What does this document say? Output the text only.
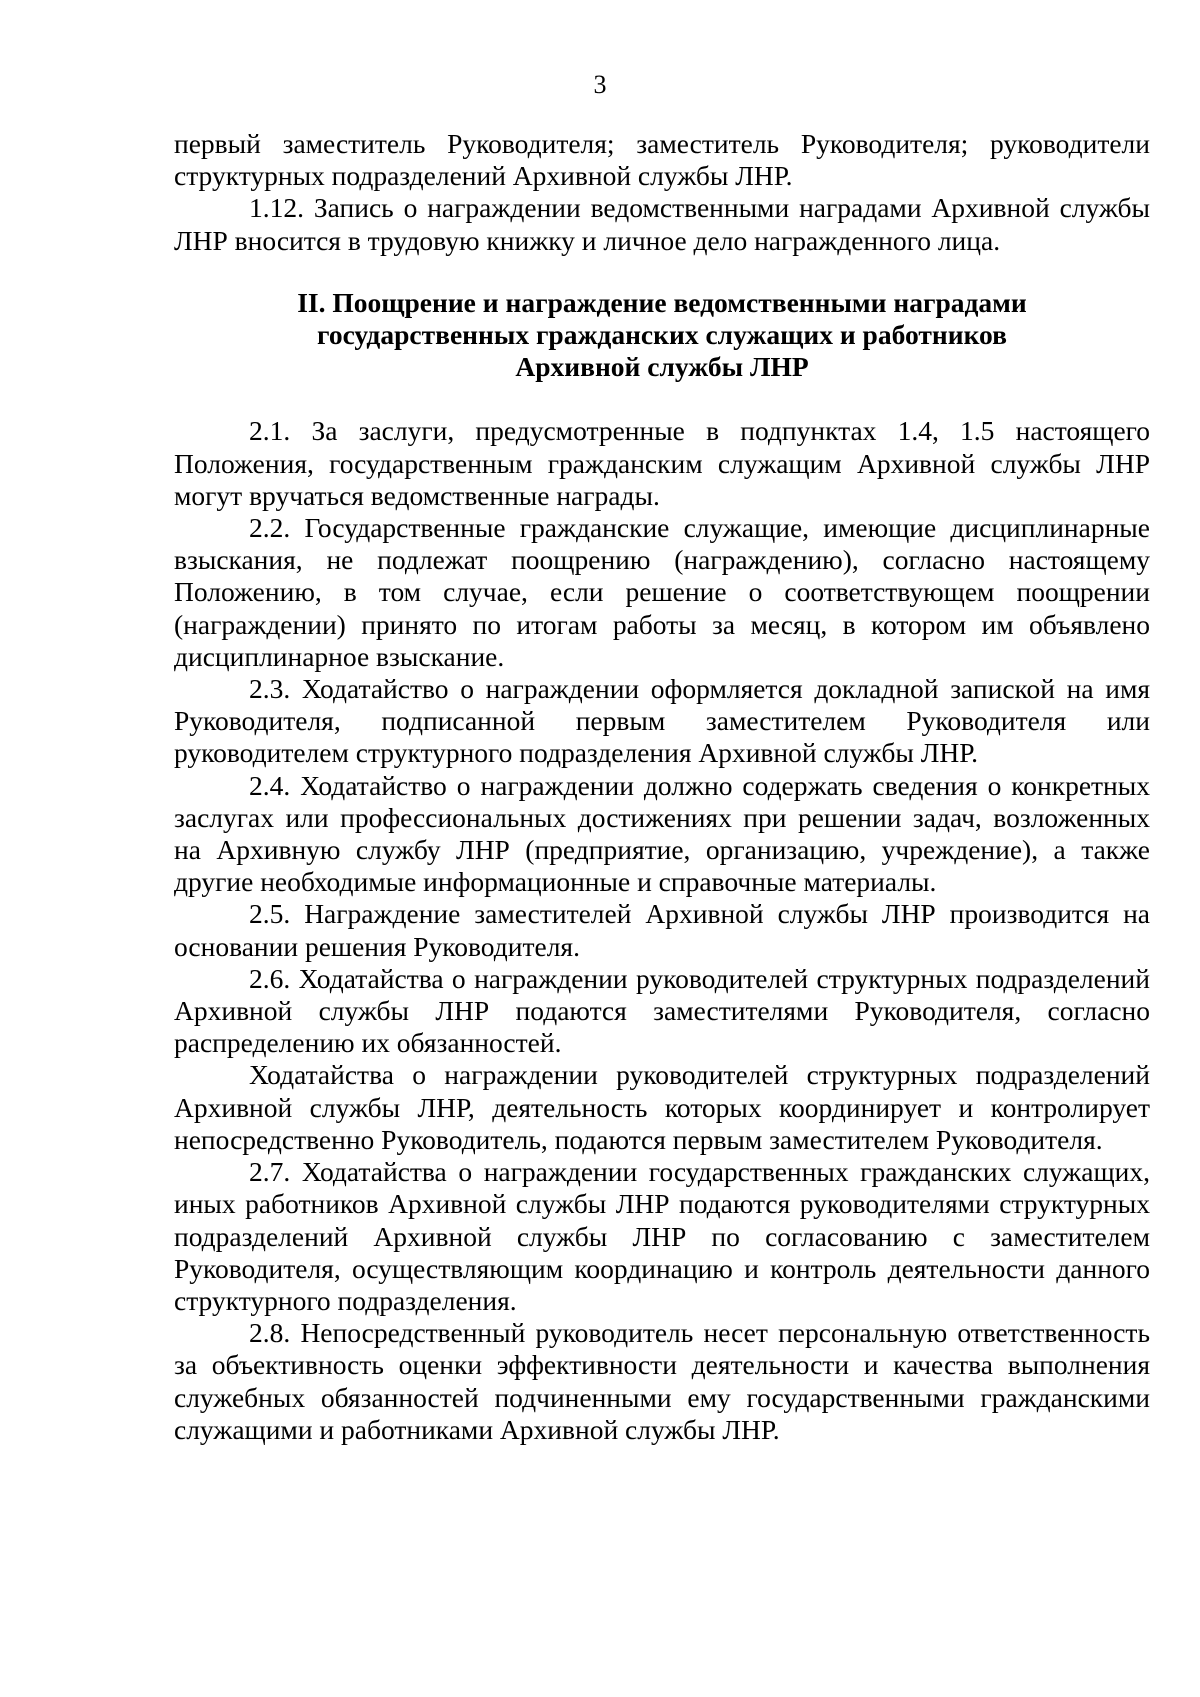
3

первый заместитель Руководителя; заместитель Руководителя; руководители структурных подразделений Архивной службы ЛНР.

1.12. Запись о награждении ведомственными наградами Архивной службы ЛНР вносится в трудовую книжку и личное дело награжденного лица.

II. Поощрение и награждение ведомственными наградами
государственных гражданских служащих и работников
Архивной службы ЛНР

2.1. За заслуги, предусмотренные в подпунктах 1.4, 1.5 настоящего Положения, государственным гражданским служащим Архивной службы ЛНР могут вручаться ведомственные награды.

2.2. Государственные гражданские служащие, имеющие дисциплинарные взыскания, не подлежат поощрению (награждению), согласно настоящему Положению, в том случае, если решение о соответствующем поощрении (награждении) принято по итогам работы за месяц, в котором им объявлено дисциплинарное взыскание.

2.3. Ходатайство о награждении оформляется докладной запиской на имя Руководителя, подписанной первым заместителем Руководителя или руководителем структурного подразделения Архивной службы ЛНР.

2.4. Ходатайство о награждении должно содержать сведения о конкретных заслугах или профессиональных достижениях при решении задач, возложенных на Архивную службу ЛНР (предприятие, организацию, учреждение), а также другие необходимые информационные и справочные материалы.

2.5. Награждение заместителей Архивной службы ЛНР производится на основании решения Руководителя.

2.6. Ходатайства о награждении руководителей структурных подразделений Архивной службы ЛНР подаются заместителями Руководителя, согласно распределению их обязанностей.

Ходатайства о награждении руководителей структурных подразделений Архивной службы ЛНР, деятельность которых координирует и контролирует непосредственно Руководитель, подаются первым заместителем Руководителя.

2.7. Ходатайства о награждении государственных гражданских служащих, иных работников Архивной службы ЛНР подаются руководителями структурных подразделений Архивной службы ЛНР по согласованию с заместителем Руководителя, осуществляющим координацию и контроль деятельности данного структурного подразделения.

2.8. Непосредственный руководитель несет персональную ответственность за объективность оценки эффективности деятельности и качества выполнения служебных обязанностей подчиненными ему государственными гражданскими служащими и работниками Архивной службы ЛНР.
